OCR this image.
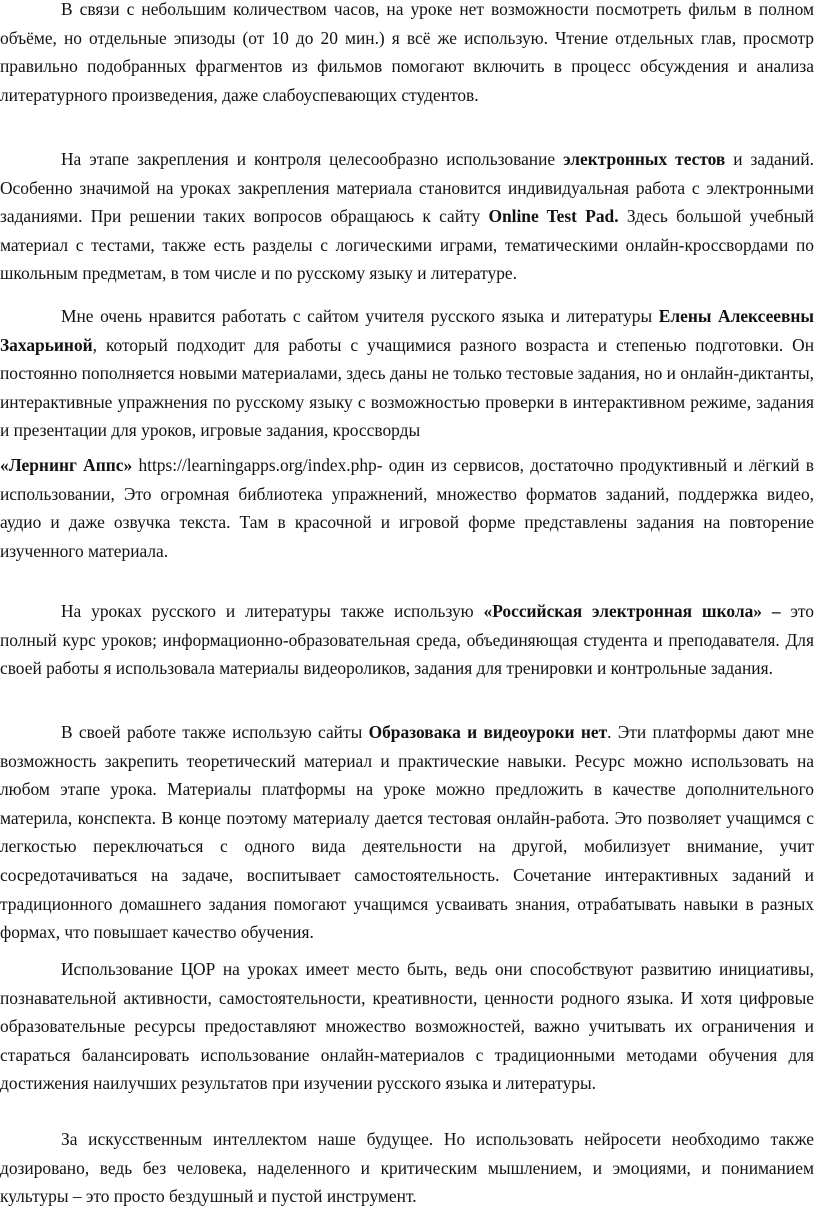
В связи с небольшим количеством часов, на уроке нет возможности посмотреть фильм в полном объёме, но отдельные эпизоды (от 10 до 20 мин.) я всё же использую. Чтение отдельных глав, просмотр правильно подобранных фрагментов из фильмов помогают включить в процесс обсуждения и анализа литературного произведения, даже слабоуспевающих студентов.

На этапе закрепления и контроля целесообразно использование электронных тестов и заданий. Особенно значимой на уроках закрепления материала становится индивидуальная работа с электронными заданиями. При решении таких вопросов обращаюсь к сайту Online Test Pad. Здесь большой учебный материал с тестами, также есть разделы с логическими играми, тематическими онлайн-кроссвордами по школьным предметам, в том числе и по русскому языку и литературе.

Мне очень нравится работать с сайтом учителя русского языка и литературы Елены Алексеевны Захарьиной, который подходит для работы с учащимися разного возраста и степенью подготовки. Он постоянно пополняется новыми материалами, здесь даны не только тестовые задания, но и онлайн-диктанты, интерактивные упражнения по русскому языку с возможностью проверки в интерактивном режиме, задания и презентации для уроков, игровые задания, кроссворды

«Лернинг Аппс» https://learningapps.org/index.php- один из сервисов, достаточно продуктивный и лёгкий в использовании, Это огромная библиотека упражнений, множество форматов заданий, поддержка видео, аудио и даже озвучка текста. Там в красочной и игровой форме представлены задания на повторение изученного материала.

На уроках русского и литературы также использую «Российская электронная школа» – это полный курс уроков; информационно-образовательная среда, объединяющая студента и преподавателя. Для своей работы я использовала материалы видеороликов, задания для тренировки и контрольные задания.

В своей работе также использую сайты Образовака и видеоуроки нет. Эти платформы дают мне возможность закрепить теоретический материал и практические навыки. Ресурс можно использовать на любом этапе урока. Материалы платформы на уроке можно предложить в качестве дополнительного материла, конспекта. В конце поэтому материалу дается тестовая онлайн-работа. Это позволяет учащимся с легкостью переключаться с одного вида деятельности на другой, мобилизует внимание, учит сосредотачиваться на задаче, воспитывает самостоятельность. Сочетание интерактивных заданий и традиционного домашнего задания помогают учащимся усваивать знания, отрабатывать навыки в разных формах, что повышает качество обучения.

Использование ЦОР на уроках имеет место быть, ведь они способствуют развитию инициативы, познавательной активности, самостоятельности, креативности, ценности родного языка. И хотя цифровые образовательные ресурсы предоставляют множество возможностей, важно учитывать их ограничения и стараться балансировать использование онлайн-материалов с традиционными методами обучения для достижения наилучших результатов при изучении русского языка и литературы.

За искусственным интеллектом наше будущее. Но использовать нейросети необходимо также дозировано, ведь без человека, наделенного и критическим мышлением, и эмоциями, и пониманием культуры – это просто бездушный и пустой инструмент.
